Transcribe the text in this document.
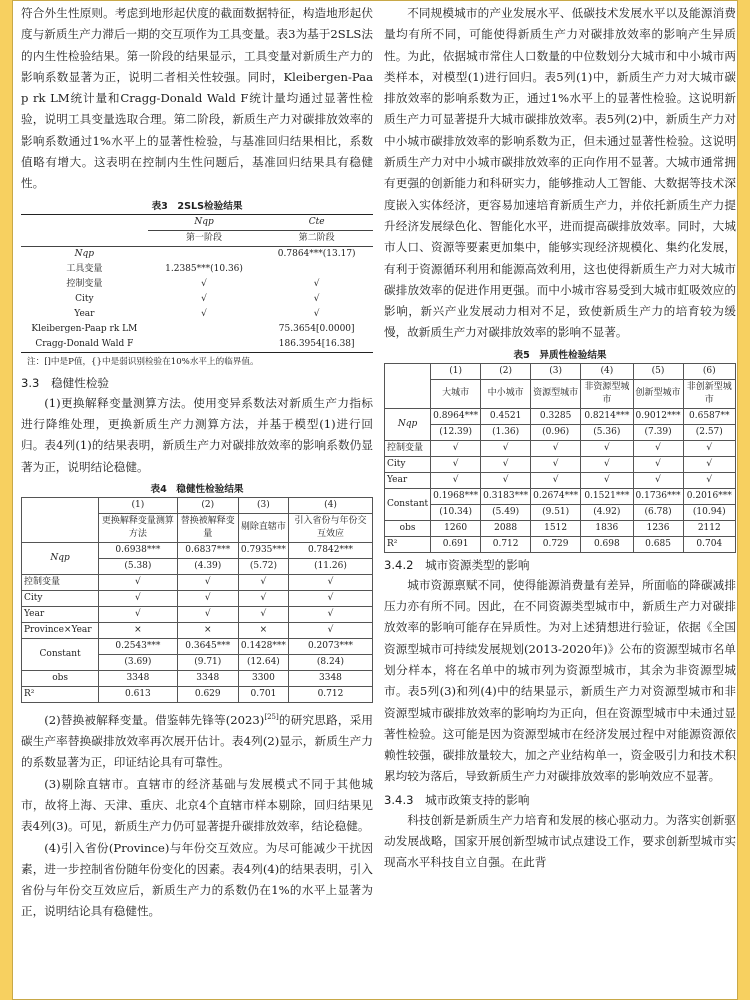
符合外生性原则。考虑到地形起伏度的截面数据特征，构造地形起伏度与新质生产力滞后一期的交互项作为工具变量。表3为基于2SLS法的内生性检验结果。第一阶段的结果显示，工具变量对新质生产力的影响系数显著为正，说明二者相关性较强。同时，Kleibergen-Paap rk LM统计量和Cragg-Donald Wald F统计量均通过显著性检验，说明工具变量选取合理。第二阶段，新质生产力对碳排放效率的影响系数通过1%水平上的显著性检验，与基准回归结果相比，系数值略有增大。这表明在控制内生性问题后，基准回归结果具有稳健性。

表3　2SLS检验结果
	Nqp	Cte
	第一阶段	第二阶段
Nqp		0.7864***(13.17)
工具变量	1.2385***(10.36)	
控制变量	√	√
City	√	√
Year	√	√
Kleibergen-Paap rk LM		75.3654[0.0000]
Cragg-Donald Wald F		186.3954[16.38]
注：[]中是P值，{}中是弱识别检验在10%水平上的临界值。
3.3　稳健性检验

(1)更换解释变量测算方法。使用变异系数法对新质生产力指标进行降维处理，更换新质生产力测算方法，并基于模型(1)进行回归。表4列(1)的结果表明，新质生产力对碳排放效率的影响系数仍显著为正，说明结论稳健。

表4　稳健性检验结果
	(1)	(2)	(3)	(4)
	更换解释变量测算方法	替换被解释变量	剔除直辖市	引入省份与年份交互效应
Nqp	0.6938***	0.6837***	0.7935***	0.7842***
	(5.38)	(4.39)	(5.72)	(11.26)
控制变量	√	√	√	√
City	√	√	√	√
Year	√	√	√	√
Province×Year	×	×	×	√
Constant	0.2543***	0.3645***	0.1428***	0.2073***
	(3.69)	(9.71)	(12.64)	(8.24)
obs	3348	3348	3300	3348
R²	0.613	0.629	0.701	0.712

(2)替换被解释变量。借鉴韩先锋等(2023)[25]的研究思路，采用碳生产率替换碳排放效率再次展开估计。表4列(2)显示，新质生产力的系数显著为正，印证结论具有可靠性。

(3)剔除直辖市。直辖市的经济基础与发展模式不同于其他城市，故将上海、天津、重庆、北京4个直辖市样本剔除，回归结果见表4列(3)。可见，新质生产力仍可显著提升碳排放效率，结论稳健。

(4)引入省份(Province)与年份交互效应。为尽可能减少干扰因素，进一步控制省份随年份变化的因素。表4列(4)的结果表明，引入省份与年份交互效应后，新质生产力的系数仍在1%的水平上显著为正，说明结论具有稳健性。

不同规模城市的产业发展水平、低碳技术发展水平以及能源消费量均有所不同，可能使得新质生产力对碳排放效率的影响产生异质性。为此，依据城市常住人口数量的中位数划分大城市和中小城市两类样本，对模型(1)进行回归。表5列(1)中，新质生产力对大城市碳排放效率的影响系数为正，通过1%水平上的显著性检验。这说明新质生产力可显著提升大城市碳排放效率。表5列(2)中，新质生产力对中小城市碳排放效率的影响系数为正，但未通过显著性检验。这说明新质生产力对中小城市碳排放效率的正向作用不显著。大城市通常拥有更强的创新能力和科研实力，能够推动人工智能、大数据等技术深度嵌入实体经济，更容易加速培育新质生产力，并依托新质生产力提升经济发展绿色化、智能化水平，进而提高碳排放效率。同时，大城市人口、资源等要素更加集中，能够实现经济规模化、集约化发展，有利于资源循环利用和能源高效利用，这也使得新质生产力对大城市碳排放效率的促进作用更强。而中小城市容易受到大城市虹吸效应的影响，新兴产业发展动力相对不足，致使新质生产力的培育较为缓慢，故新质生产力对碳排放效率的影响不显著。

表5　异质性检验结果
	(1)	(2)	(3)	(4)	(5)	(6)
	大城市	中小城市	资源型城市	非资源型城市	创新型城市	非创新型城市
Nqp	0.8964***	0.4521	0.3285	0.8214***	0.9012***	0.6587**
	(12.39)	(1.36)	(0.96)	(5.36)	(7.39)	(2.57)
控制变量	√	√	√	√	√	√
City	√	√	√	√	√	√
Year	√	√	√	√	√	√
Constant	0.1968***	0.3183***	0.2674***	0.1521***	0.1736***	0.2016***
	(10.34)	(5.49)	(9.51)	(4.92)	(6.78)	(10.94)
obs	1260	2088	1512	1836	1236	2112
R²	0.691	0.712	0.729	0.698	0.685	0.704
3.4.2　城市资源类型的影响

城市资源禀赋不同，使得能源消费量有差异，所面临的降碳减排压力亦有所不同。因此，在不同资源类型城市中，新质生产力对碳排放效率的影响可能存在异质性。为对上述猜想进行验证，依据《全国资源型城市可持续发展规划(2013-2020年)》公布的资源型城市名单划分样本，将在名单中的城市列为资源型城市，其余为非资源型城市。表5列(3)和列(4)中的结果显示，新质生产力对资源型城市和非资源型城市碳排放效率的影响均为正向，但在资源型城市中未通过显著性检验。这可能是因为资源型城市在经济发展过程中对能源资源依赖性较强，碳排放量较大，加之产业结构单一，资金吸引力和技术积累均较为落后，导致新质生产力对碳排放效率的影响效应不显著。

3.4.3　城市政策支持的影响

科技创新是新质生产力培育和发展的核心驱动力。为落实创新驱动发展战略，国家开展创新型城市试点建设工作，要求创新型城市实现高水平科技自立自强。在此背
